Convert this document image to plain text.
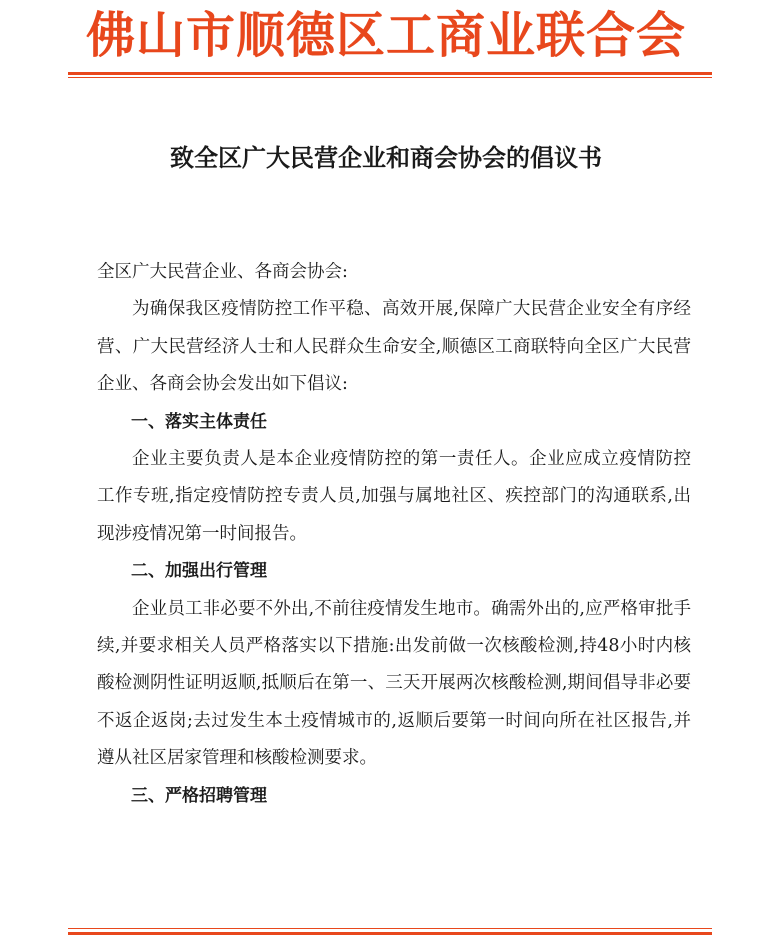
佛山市顺德区工商业联合会
致全区广大民营企业和商会协会的倡议书

全区广大民营企业、各商会协会:

为确保我区疫情防控工作平稳、高效开展,保障广大民营企业安全有序经营、广大民营经济人士和人民群众生命安全,顺德区工商联特向全区广大民营企业、各商会协会发出如下倡议:

一、落实主体责任

企业主要负责人是本企业疫情防控的第一责任人。企业应成立疫情防控工作专班,指定疫情防控专责人员,加强与属地社区、疾控部门的沟通联系,出现涉疫情况第一时间报告。

二、加强出行管理

企业员工非必要不外出,不前往疫情发生地市。确需外出的,应严格审批手续,并要求相关人员严格落实以下措施:出发前做一次核酸检测,持48小时内核酸检测阴性证明返顺,抵顺后在第一、三天开展两次核酸检测,期间倡导非必要不返企返岗;去过发生本土疫情城市的,返顺后要第一时间向所在社区报告,并遵从社区居家管理和核酸检测要求。

三、严格招聘管理
